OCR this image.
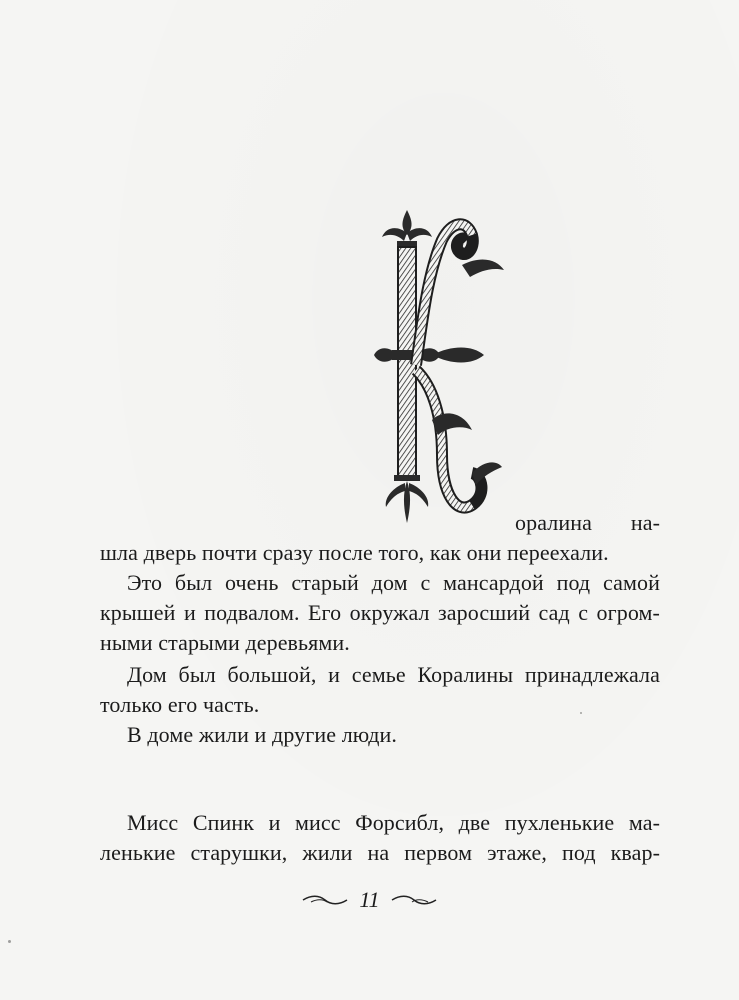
оралина на-
шла дверь почти сразу после того, как они переехали.
Это был очень старый дом с мансардой под самой
крышей и подвалом. Его окружал заросший сад с огром-
ными старыми деревьями.
Дом был большой, и семье Коралины принадлежала
только его часть.
В доме жили и другие люди.
Мисс Спинк и мисс Форсибл, две пухленькие ма-
ленькие старушки, жили на первом этаже, под квар-
11
